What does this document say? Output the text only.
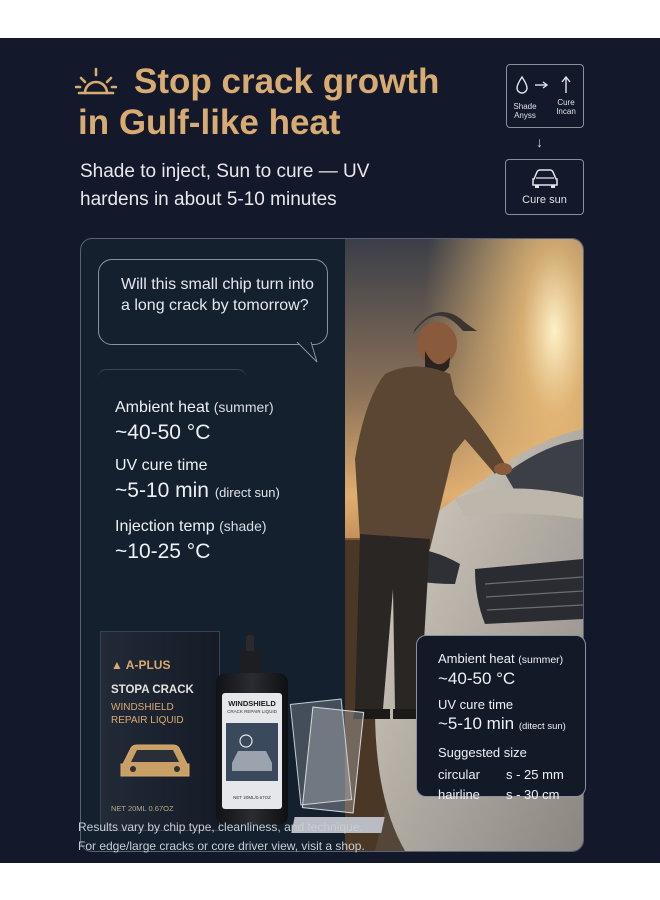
Stop crack growth
in Gulf-like heat
Shade to inject, Sun to cure — UV hardens in about 5-10 minutes
Shade
Anyss
Cure
Incan
↓
Cure sun
Will this small chip turn into a long crack by tomorrow?
Ambient heat (summer)
~40-50 °C
UV cure time
~5-10 min (direct sun)
Injection temp (shade)
~10-25 °C
▲ A-PLUS
STOPA CRACK
WINDSHIELD
REPAIR LIQUID
NET 20ML 0.67OZ
WINDSHIELD
CRACK REPAIR LIQUID
NET 20ML/0.67OZ
Ambient heat (summer)
~40-50 °C
UV cure time
~5-10 min (ditect sun)
Suggested size
circular	s - 25 mm
hairline	s - 30 cm
Results vary by chip type, cleanliness, and technique.
For edge/large cracks or core driver view, visit a shop.
